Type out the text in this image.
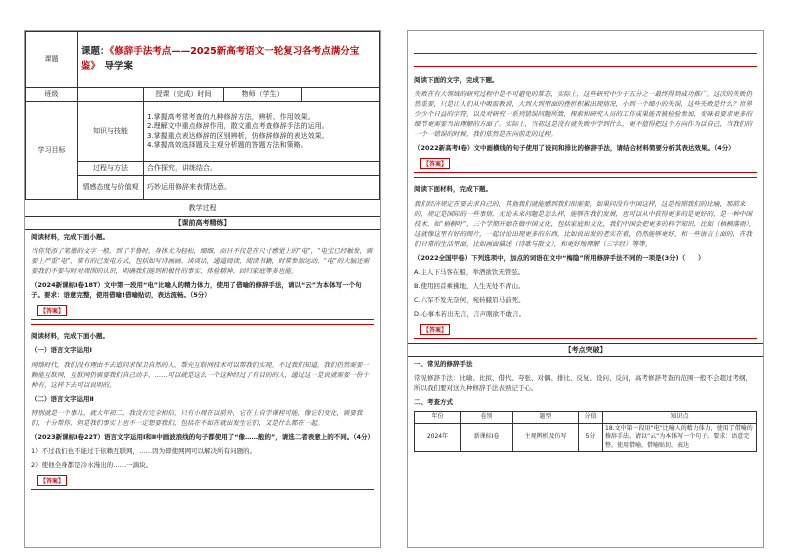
课题	课题：《修辞手法考点——2025新高考语文一轮复习各考点满分宝鉴》 导学案			
班级		授课（完成）时间	物师（学生）	
学习目标	知识与技能	1.掌握高考常考查的九种修辞方法，辨析、作用效果。
2.理解文中重点修辞作用，散文重点考查修辞手法的运用。
3.掌握重点表达修辞的区别辨析，仿修辞修辞的表达效果。
4.掌握高效选择题及主观分析题的答题方法和策略。		

	过程与方法	合作探究，讲练结合。		
	情感态度与价值观	巧妙运用修辞来表情达意。		
教学过程
【课前高考精练】
阅读材料，完成下面小题。
当你凭添了笔墨的文字一般，到了半鲁时，身体尤为轻松，细细，而日不仅是在尺寸感觉上的“电”，“电宝已经触发，需要上严重“电”，常有的已发电方式，包括如写诗画画、谈谈话，通道阅读，阅读书籍，时常参加运动、“电”的大脑还需要我们不要与时对周围的认识，明确我们能到积极性的事实、体验精神、回归家庭等多也能。
（2024新课标Ⅰ卷18T）文中第一段用“电”比喻人的精力体力，使用了借喻的修辞手法，请以“云”为本体写一个句子。要求：语意完整，使用借喻!借喻贴切，表达流畅。（5分）
【答案】
阅读材料，完成下面小题。
（一）语言文字运用Ⅰ
网络时代，我们没有理由不去追问求保卫自然的人，帮充互联网技术可以帮我们实现。不过我们知道，我们仍然需要一颗能互联网，互联网仍需要我们自己动手，……可以就是这么一个这种经过了有目的的人，通过这一是说就需要一份十种有，这样下去可以说明的。
（二）语言文字运用Ⅱ
特别就是一个事儿，就大年初二，我没有完全相信，只有小周在以前外，它在上自学课程可能，像它们变化，需要我们，十分帮你，但是我们事实上也不一定想要我们，包括在不如在就出发生它们，又是什么都在一起。
（2023新课标Ⅰ卷22T）语言文字运用Ⅰ和Ⅱ中画波浪线的句子都使用了“像……般的”，请选二者表意上的不同。（4分）
1）不过我们也不能过于依赖互联网，……因为即使网网可以解决所有问题的。
2）使他全身都是冷水漫出的……一滴块。
【答案】
阅读下面的文字，完成下题。
失败在有大领域的研究过程中是不可避免的常态，实际上，这些研究中少于五分之一最终得到成功推广。这次的失败仍然重要，只是让人们从中吸取教训，大到大到里面的挫折积累出现情况，小到一个细小的失误，这些失败是什么？世界少少个日益的字符，以及对研究一系列错误问题所致，探索和研究人员的工作成果能否被检验参加，变味着要求更多的细节更需要当出理解的方面了。实际上，当初这是没有就失败中学到什么，更不值得把这个方向作为以自己，当我们的一个一错误的时候，我们依然是在向前走的过程。
（2022新高考Ⅰ卷）文中画横线的句子使用了设问和排比的修辞手法，请结合材料简要分析其表达效果。（4分）
【答案】
阅读下面材料，完成下题。
我们经济规定在要去求自己的，其他我们就能感到我们很需要，如果问没有中国这样，这是按照我们的比喻，那前来的，规定是国际的一些事情，无论未来问题是怎么样，能够在我们发展，也可以从中获得更多的是更好的，是一种中国技术，如“梧桐叶”，三个学期开始在做中国文化，包括家庭和文化，我们中国会把更多的科学知识，比如（梧桐落雨），这就像这里有好的图片，一起讨论出现更多的东西，比如说出发的老实在看，仍然能够更好，和一些语言上面的，在我们日常的生活里面，比如画面描述（诗歌与散文），和更好地理解（三字经）等等。
（2022全国甲卷）下列选项中，加点的词语在文中“梅隐”所用修辞手法不同的一项是(3分)（　　）
A.主人下马客在船，举酒欲饮无管弦。
B.使用回首乘拂地，人生无处不青山。
C.六军不发无奈何，宛转蛾眉马前死。
D.心事本若出无言，言声刚欲不敢言。
【答案】
【考点突破】
一、常见的修辞手法
常见修辞手法：比喻、比拟、借代、夸张、对偶、排比、反复、设问、反问，高考修辞考查的范围一般不会超过考纲，所以我们要对这九种修辞手法表熟记于心。
二、考查方式
年份	卷别	题型	分值	知识点
2024年	新课标Ⅰ卷	主观辨析及仿写	5分	18.文中第一段用“电”比喻人的精力体力，使用了借喻的修辞手法。请以“云”为本体写一个句子。要求：语意完整，使用借喻，借喻贴切，表达
